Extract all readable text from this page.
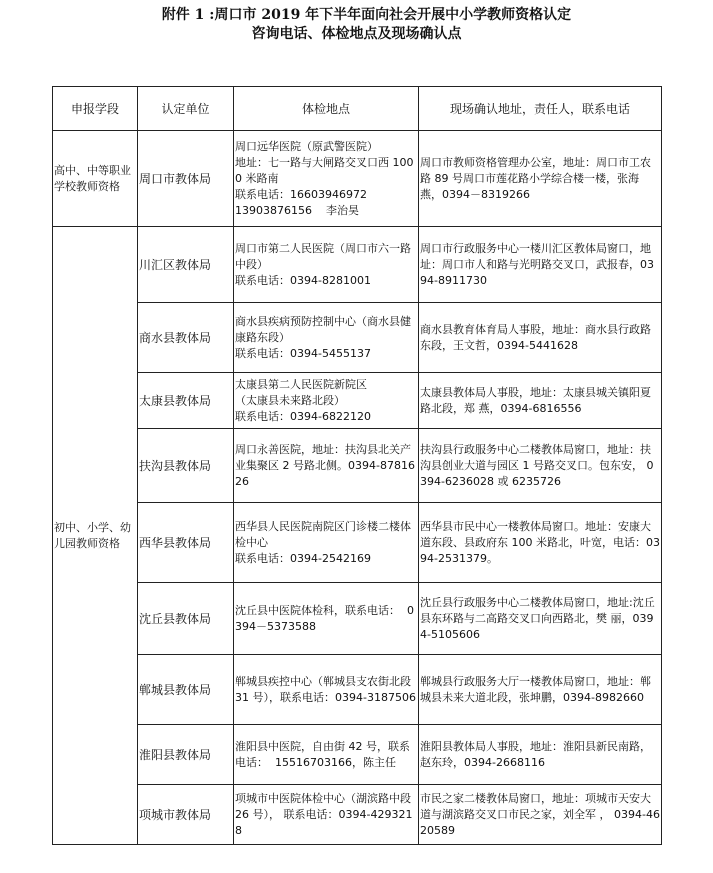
附件 1 :周口市 2019 年下半年面向社会开展中小学教师资格认定
咨询电话、体检地点及现场确认点
申报学段	认定单位	体检地点	现场确认地址，责任人，联系电话
高中、中等职业学校教师资格	周口市教体局	周口远华医院（原武警医院）
地址：七一路与大闸路交叉口西 1000 米路南
联系电话：16603946972
13903876156    李治昊	周口市教师资格管理办公室，地址：周口市工农路 89 号周口市莲花路小学综合楼一楼，张海燕，0394－8319266
初中、小学、幼儿园教师资格	川汇区教体局	周口市第二人民医院（周口市六一路中段）
联系电话：0394-8281001	周口市行政服务中心一楼川汇区教体局窗口，地址：周口市人和路与光明路交叉口，武报春，0394-8911730
	商水县教体局	商水县疾病预防控制中心（商水县健康路东段）
联系电话：0394-5455137	商水县教育体育局人事股，地址：商水县行政路东段，王文哲，0394-5441628
	太康县教体局	太康县第二人民医院新院区
（太康县未来路北段）
联系电话：0394-6822120	太康县教体局人事股，地址：太康县城关镇阳夏路北段，郑 燕，0394-6816556
	扶沟县教体局	周口永善医院，地址：扶沟县北关产业集聚区 2 号路北侧。0394-8781626	扶沟县行政服务中心二楼教体局窗口，地址：扶沟县创业大道与园区 1 号路交叉口。包东安， 0394-6236028 或 6235726
	西华县教体局	西华县人民医院南院区门诊楼二楼体检中心
联系电话：0394-2542169	西华县市民中心一楼教体局窗口。地址：安康大道东段、县政府东 100 米路北，叶宽，电话：0394-2531379。
	沈丘县教体局	沈丘县中医院体检科，联系电话：  0394－5373588	沈丘县行政服务中心二楼教体局窗口，地址:沈丘县东环路与二高路交叉口向西路北，樊 丽，0394-5105606
	郸城县教体局	郸城县疾控中心（郸城县支农街北段 31 号），联系电话：0394-3187506	郸城县行政服务大厅一楼教体局窗口，地址：郸城县未来大道北段，张坤鹏，0394-8982660
	淮阳县教体局	淮阳县中医院，自由街 42 号，联系电话：  15516703166，陈主任	淮阳县教体局人事股，地址：淮阳县新民南路，赵东玲，0394-2668116
	项城市教体局	项城市中医院体检中心（湖滨路中段 26 号）， 联系电话：0394-4293218	市民之家二楼教体局窗口，地址：项城市天安大道与湖滨路交叉口市民之家，刘全军 ， 0394-4620589
